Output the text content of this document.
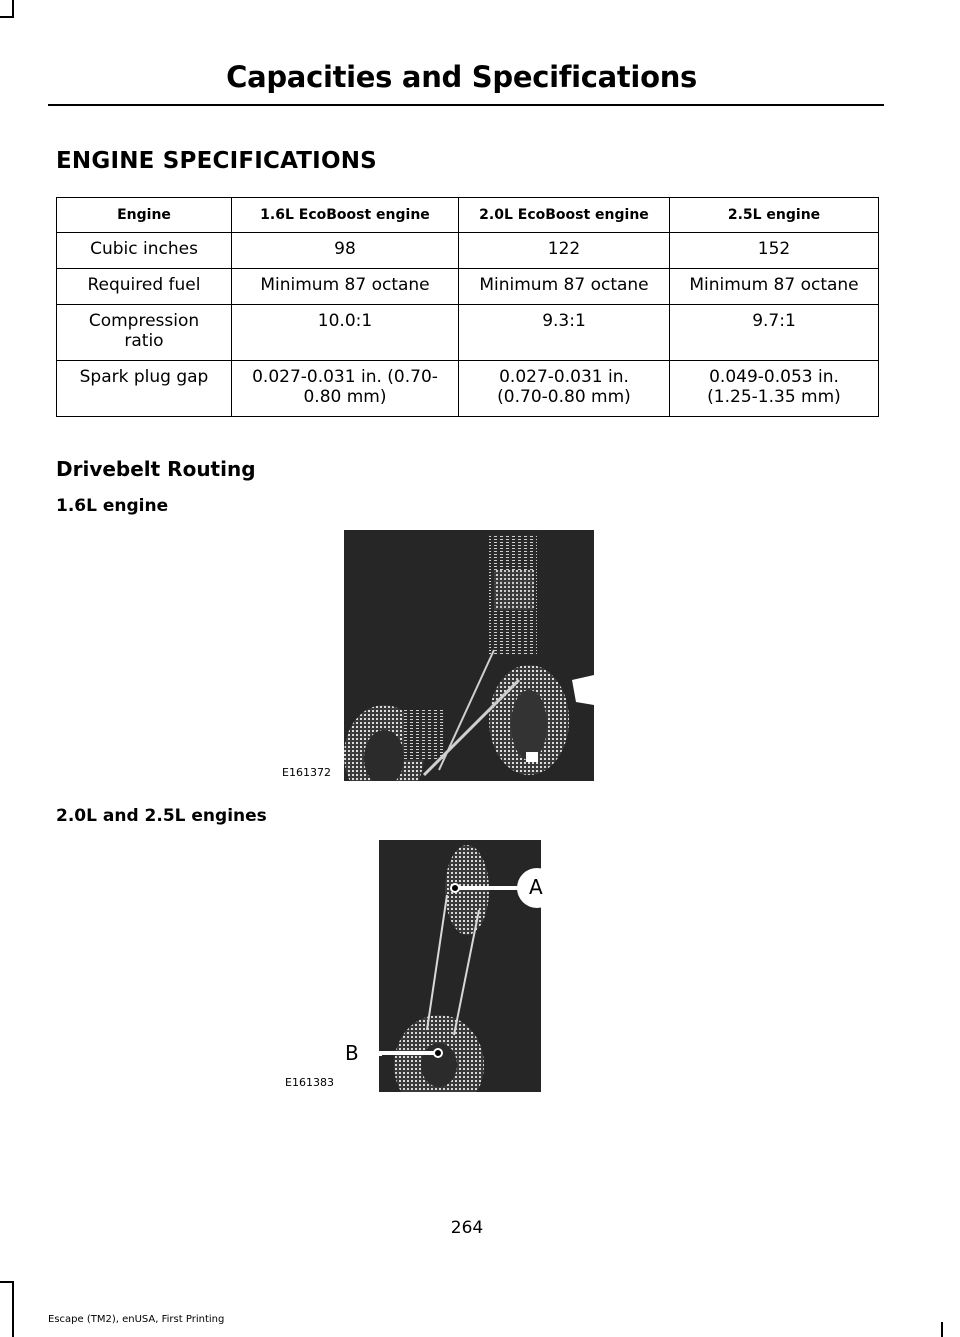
Capacities and Specifications
ENGINE SPECIFICATIONS
Engine	1.6L EcoBoost engine	2.0L EcoBoost engine	2.5L engine
Cubic inches	98	122	152
Required fuel	Minimum 87 octane	Minimum 87 octane	Minimum 87 octane
Compression ratio	10.0:1	9.3:1	9.7:1
Spark plug gap	0.027-0.031 in. (0.70-0.80 mm)	0.027-0.031 in. (0.70-0.80 mm)	0.049-0.053 in. (1.25-1.35 mm)
Drivebelt Routing
1.6L engine
E161372
2.0L and 2.5L engines
A
B
E161383
264
Escape (TM2), enUSA, First Printing
